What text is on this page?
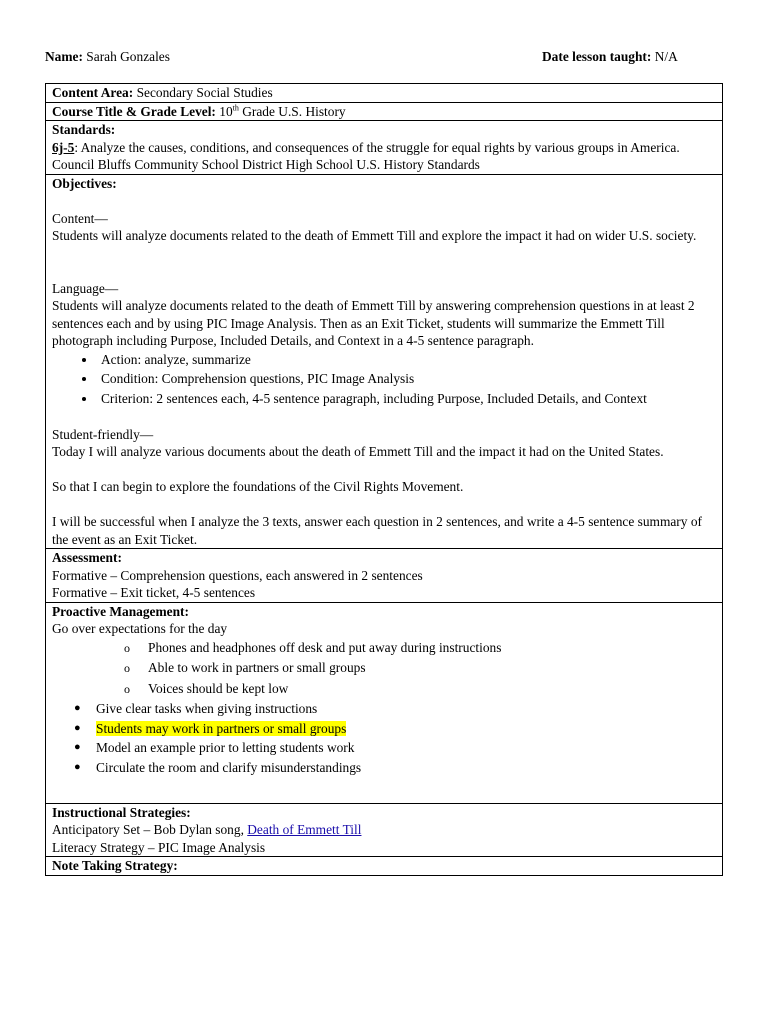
Name: Sarah Gonzales	Date lesson taught: N/A
Content Area: Secondary Social Studies
Course Title & Grade Level: 10th Grade U.S. History

Standards:

6j-5: Analyze the causes, conditions, and consequences of the struggle for equal rights by various groups in America.

Council Bluffs Community School District High School U.S. History Standards

Objectives:

Content—

Students will analyze documents related to the death of Emmett Till and explore the impact it had on wider U.S. society.

Language—

Students will analyze documents related to the death of Emmett Till by answering comprehension questions in at least 2 sentences each and by using PIC Image Analysis. Then as an Exit Ticket, students will summarize the Emmett Till photograph including Purpose, Included Details, and Context in a 4-5 sentence paragraph.

• Action: analyze, summarize
• Condition: Comprehension questions, PIC Image Analysis
• Criterion: 2 sentences each, 4-5 sentence paragraph, including Purpose, Included Details, and Context

Student-friendly—

Today I will analyze various documents about the death of Emmett Till and the impact it had on the United States.

So that I can begin to explore the foundations of the Civil Rights Movement.

I will be successful when I analyze the 3 texts, answer each question in 2 sentences, and write a 4-5 sentence summary of the event as an Exit Ticket.

Assessment:

Formative – Comprehension questions, each answered in 2 sentences

Formative – Exit ticket, 4-5 sentences

Proactive Management:

Go over expectations for the day

o Phones and headphones off desk and put away during instructions
o Able to work in partners or small groups
o Voices should be kept low
● Give clear tasks when giving instructions
● Students may work in partners or small groups
● Model an example prior to letting students work
● Circulate the room and clarify misunderstandings

Instructional Strategies:

Anticipatory Set – Bob Dylan song, Death of Emmett Till

Literacy Strategy – PIC Image Analysis

Note Taking Strategy:
